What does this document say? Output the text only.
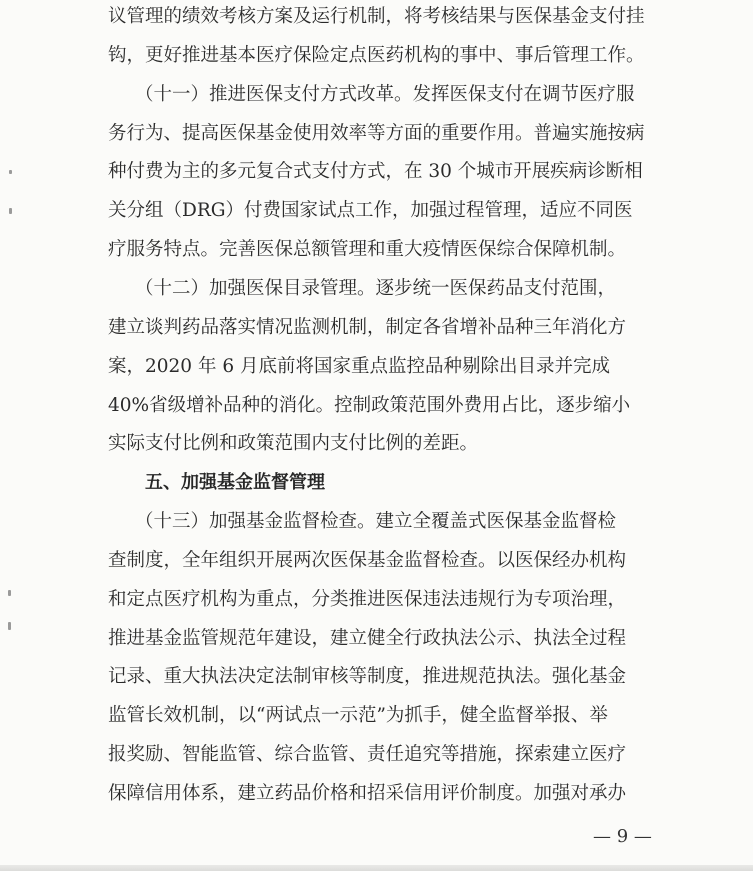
议管理的绩效考核方案及运行机制，将考核结果与医保基金支付挂
钩，更好推进基本医疗保险定点医药机构的事中、事后管理工作。
（十一）推进医保支付方式改革。发挥医保支付在调节医疗服
务行为、提高医保基金使用效率等方面的重要作用。普遍实施按病
种付费为主的多元复合式支付方式，在 30 个城市开展疾病诊断相
关分组（DRG）付费国家试点工作，加强过程管理，适应不同医
疗服务特点。完善医保总额管理和重大疫情医保综合保障机制。
（十二）加强医保目录管理。逐步统一医保药品支付范围，
建立谈判药品落实情况监测机制，制定各省增补品种三年消化方
案，2020 年 6 月底前将国家重点监控品种剔除出目录并完成
40%省级增补品种的消化。控制政策范围外费用占比，逐步缩小
实际支付比例和政策范围内支付比例的差距。
五、加强基金监督管理
（十三）加强基金监督检查。建立全覆盖式医保基金监督检
查制度，全年组织开展两次医保基金监督检查。以医保经办机构
和定点医疗机构为重点，分类推进医保违法违规行为专项治理，
推进基金监管规范年建设，建立健全行政执法公示、执法全过程
记录、重大执法决定法制审核等制度，推进规范执法。强化基金
监管长效机制，以“两试点一示范”为抓手，健全监督举报、举
报奖励、智能监管、综合监管、责任追究等措施，探索建立医疗
保障信用体系，建立药品价格和招采信用评价制度。加强对承办
— 9 —
